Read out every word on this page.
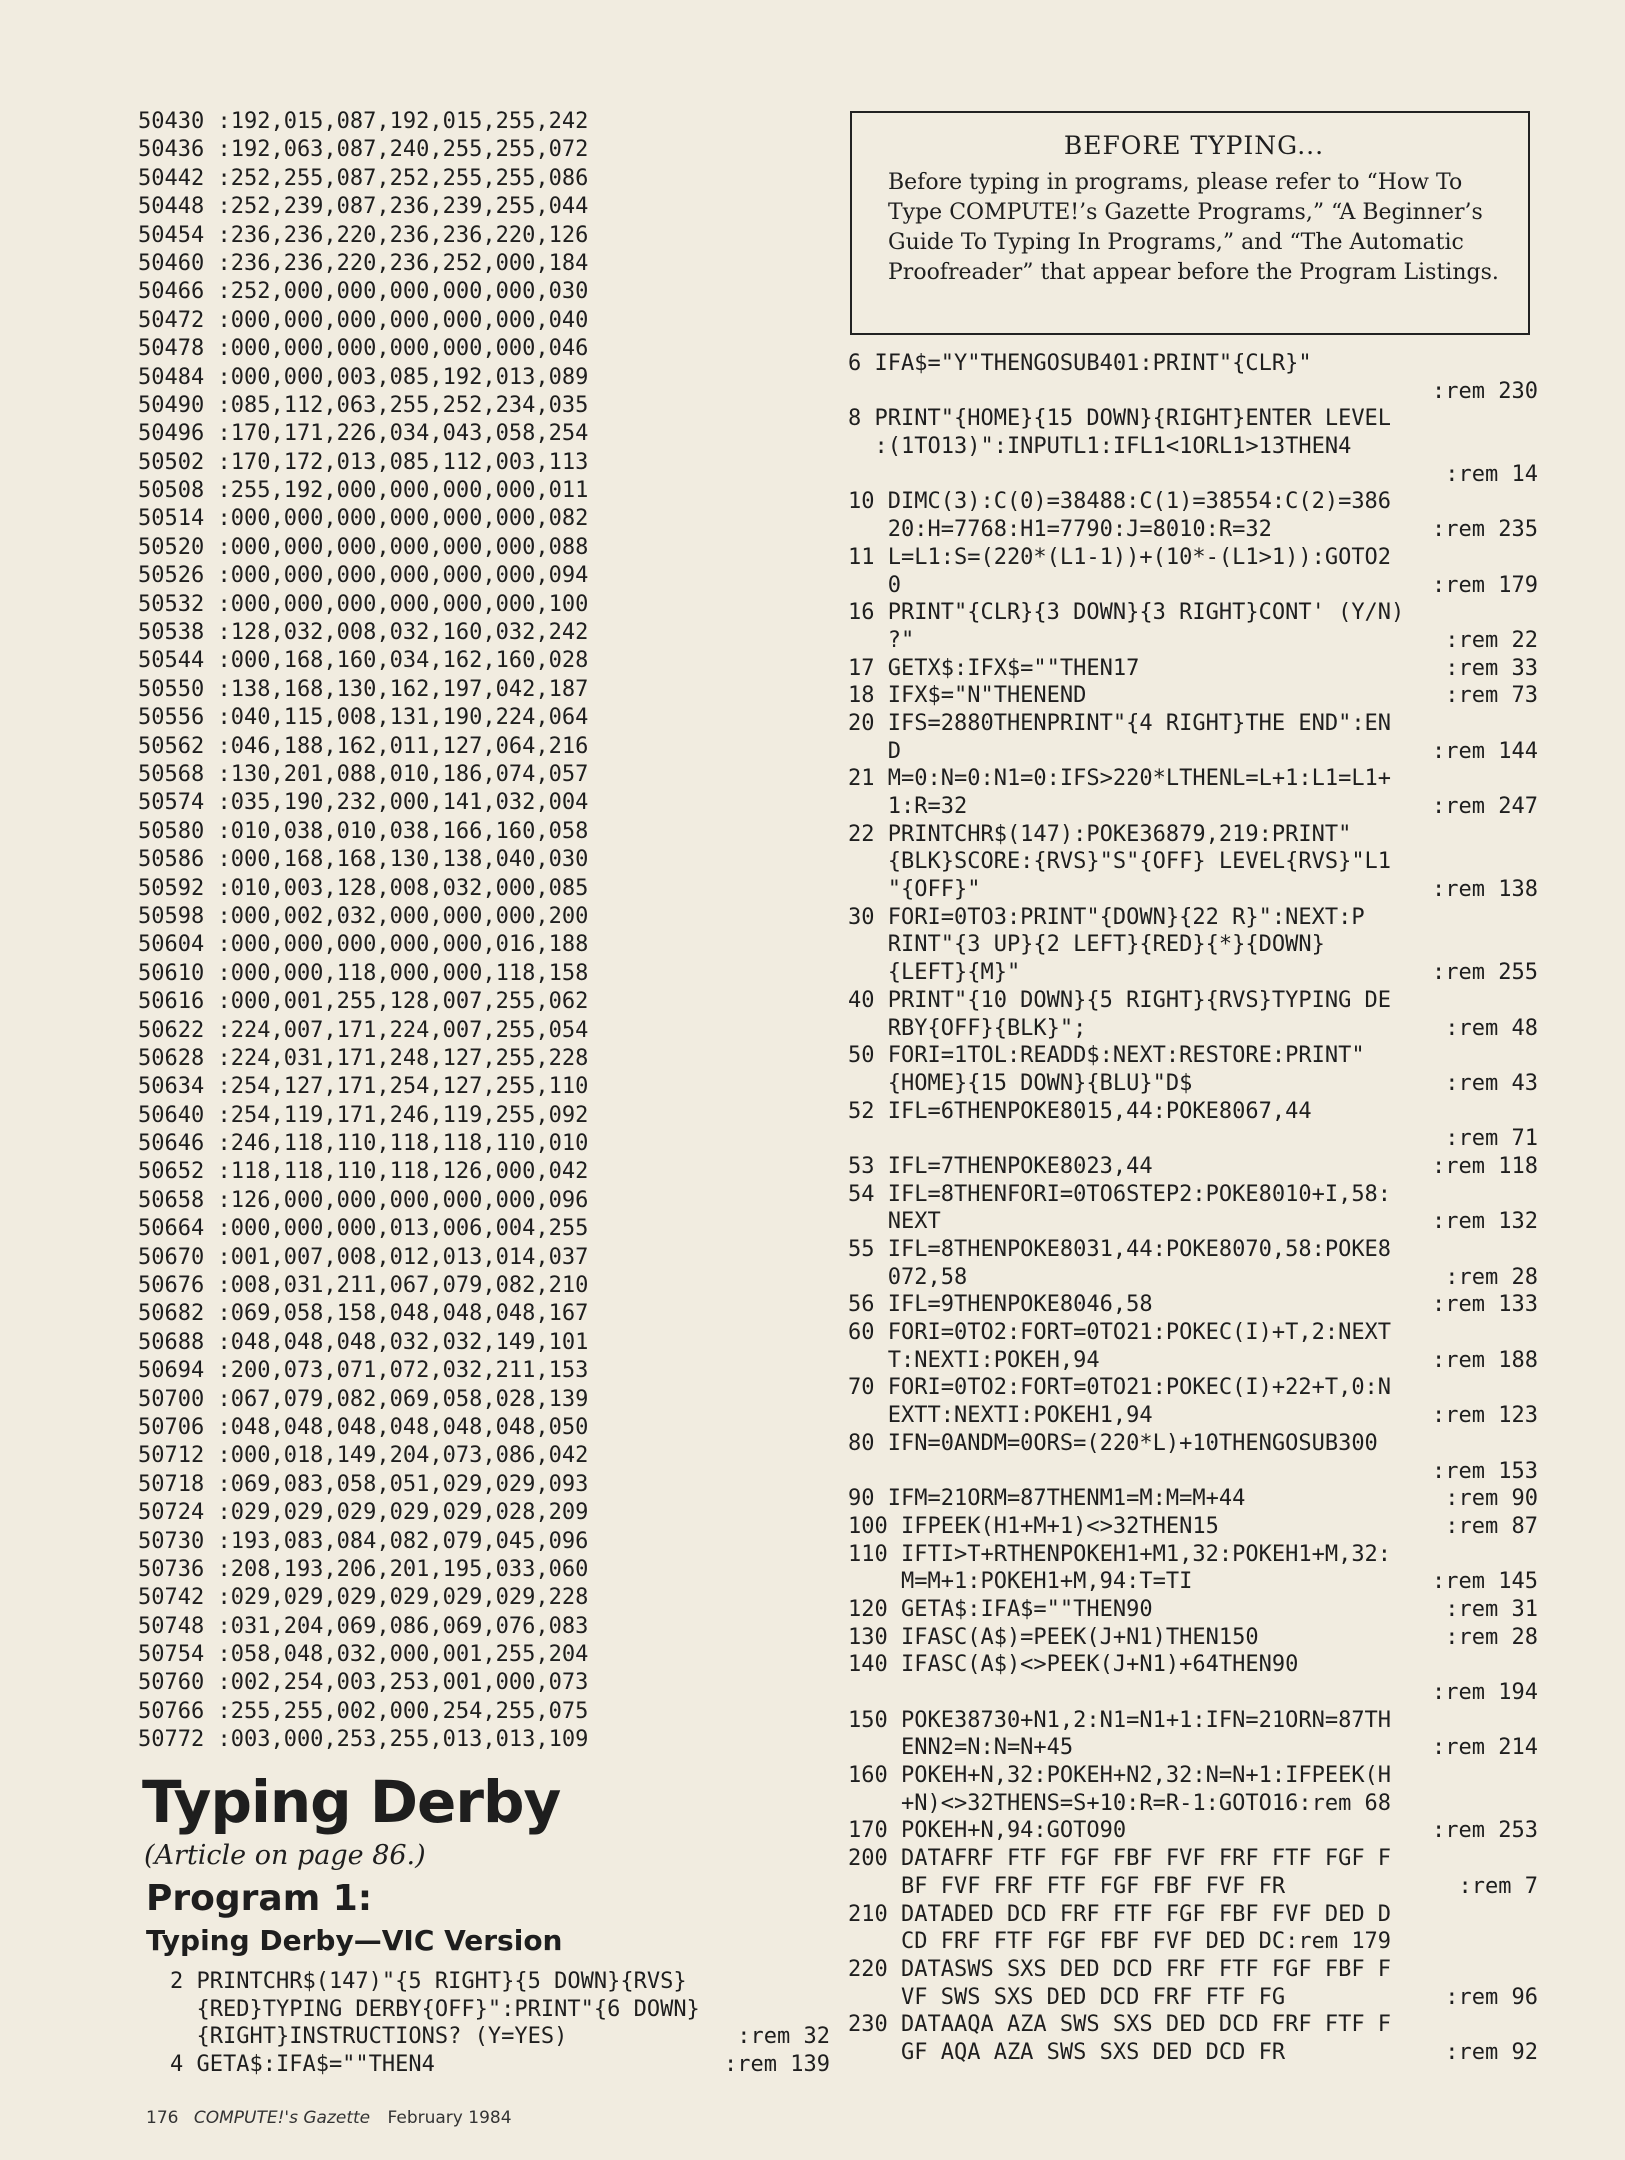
50430 :192,015,087,192,015,255,242
50436 :192,063,087,240,255,255,072
50442 :252,255,087,252,255,255,086
50448 :252,239,087,236,239,255,044
50454 :236,236,220,236,236,220,126
50460 :236,236,220,236,252,000,184
50466 :252,000,000,000,000,000,030
50472 :000,000,000,000,000,000,040
50478 :000,000,000,000,000,000,046
50484 :000,000,003,085,192,013,089
50490 :085,112,063,255,252,234,035
50496 :170,171,226,034,043,058,254
50502 :170,172,013,085,112,003,113
50508 :255,192,000,000,000,000,011
50514 :000,000,000,000,000,000,082
50520 :000,000,000,000,000,000,088
50526 :000,000,000,000,000,000,094
50532 :000,000,000,000,000,000,100
50538 :128,032,008,032,160,032,242
50544 :000,168,160,034,162,160,028
50550 :138,168,130,162,197,042,187
50556 :040,115,008,131,190,224,064
50562 :046,188,162,011,127,064,216
50568 :130,201,088,010,186,074,057
50574 :035,190,232,000,141,032,004
50580 :010,038,010,038,166,160,058
50586 :000,168,168,130,138,040,030
50592 :010,003,128,008,032,000,085
50598 :000,002,032,000,000,000,200
50604 :000,000,000,000,000,016,188
50610 :000,000,118,000,000,118,158
50616 :000,001,255,128,007,255,062
50622 :224,007,171,224,007,255,054
50628 :224,031,171,248,127,255,228
50634 :254,127,171,254,127,255,110
50640 :254,119,171,246,119,255,092
50646 :246,118,110,118,118,110,010
50652 :118,118,110,118,126,000,042
50658 :126,000,000,000,000,000,096
50664 :000,000,000,013,006,004,255
50670 :001,007,008,012,013,014,037
50676 :008,031,211,067,079,082,210
50682 :069,058,158,048,048,048,167
50688 :048,048,048,032,032,149,101
50694 :200,073,071,072,032,211,153
50700 :067,079,082,069,058,028,139
50706 :048,048,048,048,048,048,050
50712 :000,018,149,204,073,086,042
50718 :069,083,058,051,029,029,093
50724 :029,029,029,029,029,028,209
50730 :193,083,084,082,079,045,096
50736 :208,193,206,201,195,033,060
50742 :029,029,029,029,029,029,228
50748 :031,204,069,086,069,076,083
50754 :058,048,032,000,001,255,204
50760 :002,254,003,253,001,000,073
50766 :255,255,002,000,254,255,075
50772 :003,000,253,255,013,013,109
Typing Derby
(Article on page 86.)
Program 1:
Typing Derby—VIC Version
2 PRINTCHR$(147)"{5 RIGHT}{5 DOWN}{RVS}
{RED}TYPING DERBY{OFF}":PRINT"{6 DOWN}
{RIGHT}INSTRUCTIONS? (Y=YES)	:rem 32
4 GETA$:IFA$=""THEN4	:rem 139
176 COMPUTE!'s Gazette February 1984
BEFORE TYPING...
Before typing in programs, please refer to “How To Type COMPUTE!’s Gazette Programs,” “A Beginner’s Guide To Typing In Programs,” and “The Automatic Proofreader” that appear before the Program Listings.
6 IFA$="Y"THENGOSUB401:PRINT"{CLR}"
:rem 230
8 PRINT"{HOME}{15 DOWN}{RIGHT}ENTER LEVEL
:(1TO13)":INPUTL1:IFL1<1ORL1>13THEN4
:rem 14
10 DIMC(3):C(0)=38488:C(1)=38554:C(2)=386
20:H=7768:H1=7790:J=8010:R=32	:rem 235
11 L=L1:S=(220*(L1-1))+(10*-(L1>1)):GOTO2
0	:rem 179
16 PRINT"{CLR}{3 DOWN}{3 RIGHT}CONT' (Y/N)
?"	:rem 22
17 GETX$:IFX$=""THEN17	:rem 33
18 IFX$="N"THENEND	:rem 73
20 IFS=2880THENPRINT"{4 RIGHT}THE END":EN
D	:rem 144
21 M=0:N=0:N1=0:IFS>220*LTHENL=L+1:L1=L1+
1:R=32	:rem 247
22 PRINTCHR$(147):POKE36879,219:PRINT"
{BLK}SCORE:{RVS}"S"{OFF} LEVEL{RVS}"L1
"{OFF}"	:rem 138
30 FORI=0TO3:PRINT"{DOWN}{22 R}":NEXT:P
RINT"{3 UP}{2 LEFT}{RED}{*}{DOWN}
{LEFT}{M}"	:rem 255
40 PRINT"{10 DOWN}{5 RIGHT}{RVS}TYPING DE
RBY{OFF}{BLK}";	:rem 48
50 FORI=1TOL:READD$:NEXT:RESTORE:PRINT"
{HOME}{15 DOWN}{BLU}"D$	:rem 43
52 IFL=6THENPOKE8015,44:POKE8067,44
:rem 71
53 IFL=7THENPOKE8023,44	:rem 118
54 IFL=8THENFORI=0TO6STEP2:POKE8010+I,58:
NEXT	:rem 132
55 IFL=8THENPOKE8031,44:POKE8070,58:POKE8
072,58	:rem 28
56 IFL=9THENPOKE8046,58	:rem 133
60 FORI=0TO2:FORT=0TO21:POKEC(I)+T,2:NEXT
T:NEXTI:POKEH,94	:rem 188
70 FORI=0TO2:FORT=0TO21:POKEC(I)+22+T,0:N
EXTT:NEXTI:POKEH1,94	:rem 123
80 IFN=0ANDM=0ORS=(220*L)+10THENGOSUB300
:rem 153
90 IFM=21ORM=87THENM1=M:M=M+44	:rem 90
100 IFPEEK(H1+M+1)<>32THEN15	:rem 87
110 IFTI>T+RTHENPOKEH1+M1,32:POKEH1+M,32:
M=M+1:POKEH1+M,94:T=TI	:rem 145
120 GETA$:IFA$=""THEN90	:rem 31
130 IFASC(A$)=PEEK(J+N1)THEN150	:rem 28
140 IFASC(A$)<>PEEK(J+N1)+64THEN90
:rem 194
150 POKE38730+N1,2:N1=N1+1:IFN=21ORN=87TH
ENN2=N:N=N+45	:rem 214
160 POKEH+N,32:POKEH+N2,32:N=N+1:IFPEEK(H
+N)<>32THENS=S+10:R=R-1:GOTO16:rem 68
170 POKEH+N,94:GOTO90	:rem 253
200 DATAFRF FTF FGF FBF FVF FRF FTF FGF F
BF FVF FRF FTF FGF FBF FVF FR	:rem 7
210 DATADED DCD FRF FTF FGF FBF FVF DED D
CD FRF FTF FGF FBF FVF DED DC:rem 179
220 DATASWS SXS DED DCD FRF FTF FGF FBF F
VF SWS SXS DED DCD FRF FTF FG	:rem 96
230 DATAAQA AZA SWS SXS DED DCD FRF FTF F
GF AQA AZA SWS SXS DED DCD FR	:rem 92
